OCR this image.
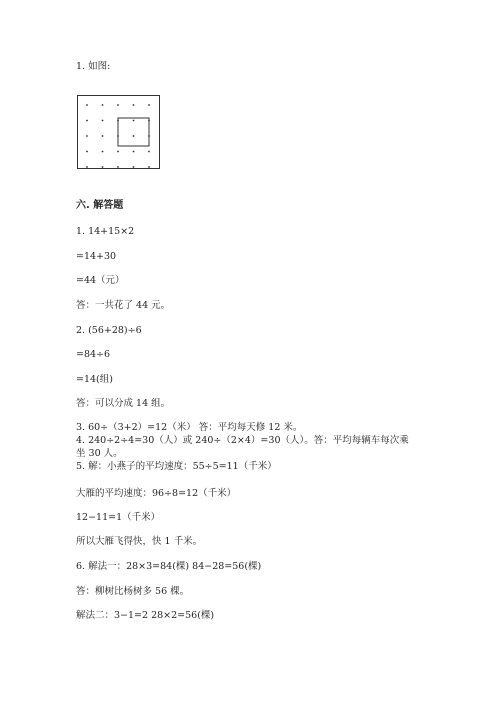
1. 如图:
六. 解答题
1. 14+15×2
=14+30
=44（元）
答：一共花了 44 元。
2. (56+28)÷6
=84÷6
=14(组)
答：可以分成 14 组。
3. 60÷（3+2）=12（米） 答：平均每天修 12 米。
4. 240÷2÷4=30（人）或 240÷（2×4）=30（人）。答：平均每辆车每次乘
坐 30 人。
5. 解：小燕子的平均速度：55÷5=11（千米）
大雁的平均速度：96÷8=12（千米）
12−11=1（千米）
所以大雁飞得快，快 1 千米。
6. 解法一：28×3=84(棵) 84−28=56(棵)
答：柳树比杨树多 56 棵。
解法二：3−1=2 28×2=56(棵)
